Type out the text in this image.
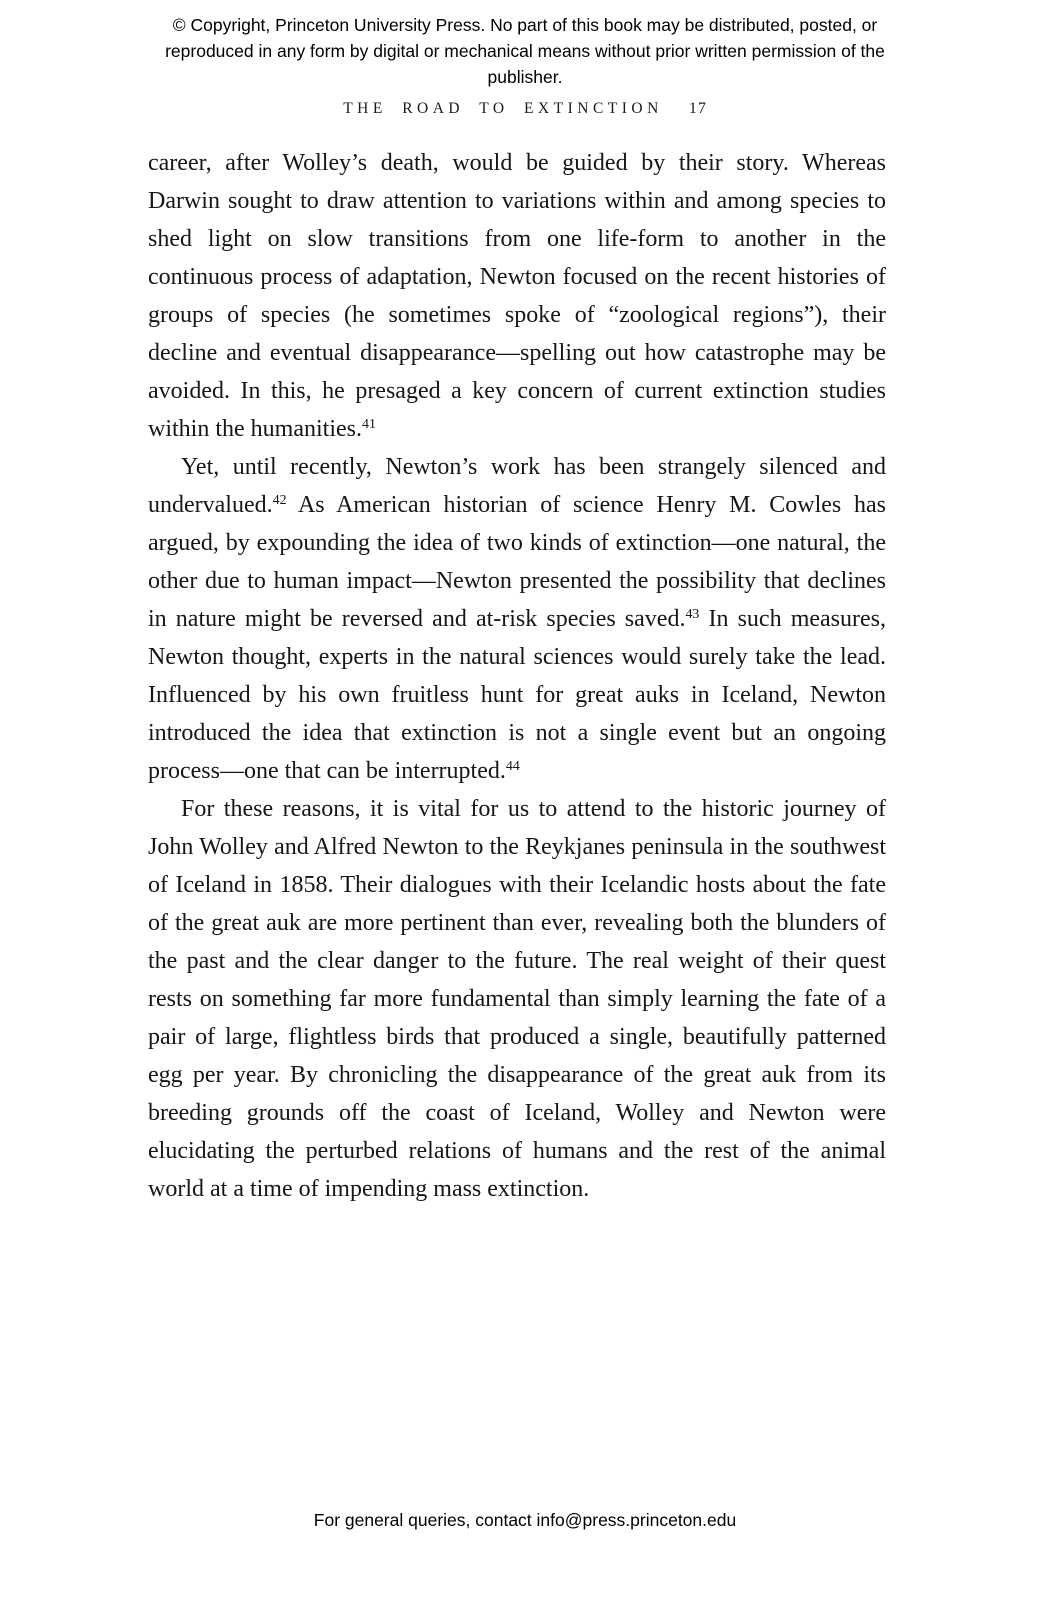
© Copyright, Princeton University Press. No part of this book may be distributed, posted, or reproduced in any form by digital or mechanical means without prior written permission of the publisher.
THE ROAD TO EXTINCTION 17

career, after Wolley’s death, would be guided by their story. Whereas Darwin sought to draw attention to variations within and among species to shed light on slow transitions from one life-form to another in the continuous process of adaptation, Newton focused on the recent histories of groups of species (he sometimes spoke of “zoological regions”), their decline and eventual disappearance—spelling out how catastrophe may be avoided. In this, he presaged a key concern of current extinction studies within the humanities.$^{41}$

Yet, until recently, Newton’s work has been strangely silenced and undervalued.$^{42}$ As American historian of science Henry M. Cowles has argued, by expounding the idea of two kinds of extinction—one natural, the other due to human impact—Newton presented the possibility that declines in nature might be reversed and at-risk species saved.$^{43}$ In such measures, Newton thought, experts in the natural sciences would surely take the lead. Influenced by his own fruitless hunt for great auks in Iceland, Newton introduced the idea that extinction is not a single event but an ongoing process—one that can be interrupted.$^{44}$

For these reasons, it is vital for us to attend to the historic journey of John Wolley and Alfred Newton to the Reykjanes peninsula in the southwest of Iceland in 1858. Their dialogues with their Icelandic hosts about the fate of the great auk are more pertinent than ever, revealing both the blunders of the past and the clear danger to the future. The real weight of their quest rests on something far more fundamental than simply learning the fate of a pair of large, flightless birds that produced a single, beautifully patterned egg per year. By chronicling the disappearance of the great auk from its breeding grounds off the coast of Iceland, Wolley and Newton were elucidating the perturbed relations of humans and the rest of the animal world at a time of impending mass extinction.

For general queries, contact info@press.princeton.edu
